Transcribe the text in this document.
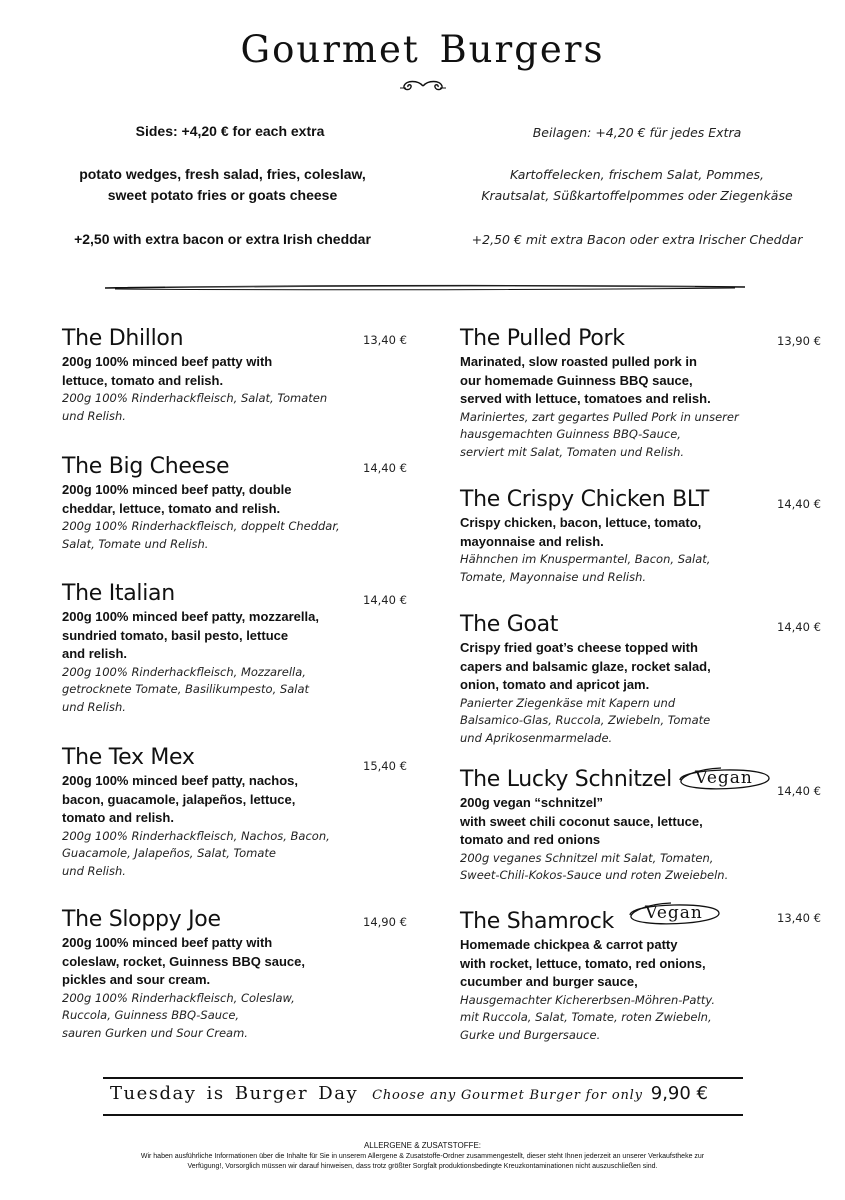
Gourmet Burgers
Sides: +4,20 € for each extra
potato wedges, fresh salad, fries, coleslaw,
sweet potato fries or goats cheese
+2,50 with extra bacon or extra Irish cheddar
Beilagen: +4,20 € für jedes Extra
Kartoffelecken, frischem Salat, Pommes,
Krautsalat, Süßkartoffelpommes oder Ziegenkäse
+2,50 € mit extra Bacon oder extra Irischer Cheddar
The Dhillon
200g 100% minced beef patty with
lettuce, tomato and relish.
200g 100% Rinderhackfleisch, Salat, Tomaten
und Relish.
13,40 €
The Big Cheese
200g 100% minced beef patty, double
cheddar, lettuce, tomato and relish.
200g 100% Rinderhackfleisch, doppelt Cheddar,
Salat, Tomate und Relish.
14,40 €
The Italian
200g 100% minced beef patty, mozzarella,
sundried tomato, basil pesto, lettuce
and relish.
200g 100% Rinderhackfleisch, Mozzarella,
getrocknete Tomate, Basilikumpesto, Salat
und Relish.
14,40 €
The Tex Mex
200g 100% minced beef patty, nachos,
bacon, guacamole, jalapeños, lettuce,
tomato and relish.
200g 100% Rinderhackfleisch, Nachos, Bacon,
Guacamole, Jalapeños, Salat, Tomate
und Relish.
15,40 €
The Sloppy Joe
200g 100% minced beef patty with
coleslaw, rocket, Guinness BBQ sauce,
pickles and sour cream.
200g 100% Rinderhackfleisch, Coleslaw,
Ruccola, Guinness BBQ-Sauce,
sauren Gurken und Sour Cream.
14,90 €
The Pulled Pork
Marinated, slow roasted pulled pork in
our homemade Guinness BBQ sauce,
served with lettuce, tomatoes and relish.
Mariniertes, zart gegartes Pulled Pork in unserer
hausgemachten Guinness BBQ-Sauce,
serviert mit Salat, Tomaten und Relish.
13,90 €
The Crispy Chicken BLT
Crispy chicken, bacon, lettuce, tomato,
mayonnaise and relish.
Hähnchen im Knuspermantel, Bacon, Salat,
Tomate, Mayonnaise und Relish.
14,40 €
The Goat
Crispy fried goat’s cheese topped with
capers and balsamic glaze, rocket salad,
onion, tomato and apricot jam.
Panierter Ziegenkäse mit Kapern und
Balsamico-Glas, Ruccola, Zwiebeln, Tomate
und Aprikosenmarmelade.
14,40 €
The Lucky Schnitzel
200g vegan “schnitzel”
with sweet chili coconut sauce, lettuce,
tomato and red onions
200g veganes Schnitzel mit Salat, Tomaten,
Sweet-Chili-Kokos-Sauce und roten Zweiebeln.
Vegan
14,40 €
The Shamrock
Homemade chickpea & carrot patty
with rocket, lettuce, tomato, red onions,
cucumber and burger sauce,
Hausgemachter Kichererbsen-Möhren-Patty.
mit Ruccola, Salat, Tomate, roten Zwiebeln,
Gurke und Burgersauce.
Vegan	13,40 €
Tuesday is Burger Day Choose any Gourmet Burger for only 9,90 €
ALLERGENE & ZUSATSTOFFE:
Wir haben ausführliche Informationen über die Inhalte für Sie in unserem Allergene & Zusatstoffe-Ordner zusammengestellt, dieser steht Ihnen jederzeit an unserer Verkaufstheke zur
Verfügung!, Vorsorglich müssen wir darauf hinweisen, dass trotz größter Sorgfalt produktionsbedingte Kreuzkontaminationen nicht auszuschließen sind.
